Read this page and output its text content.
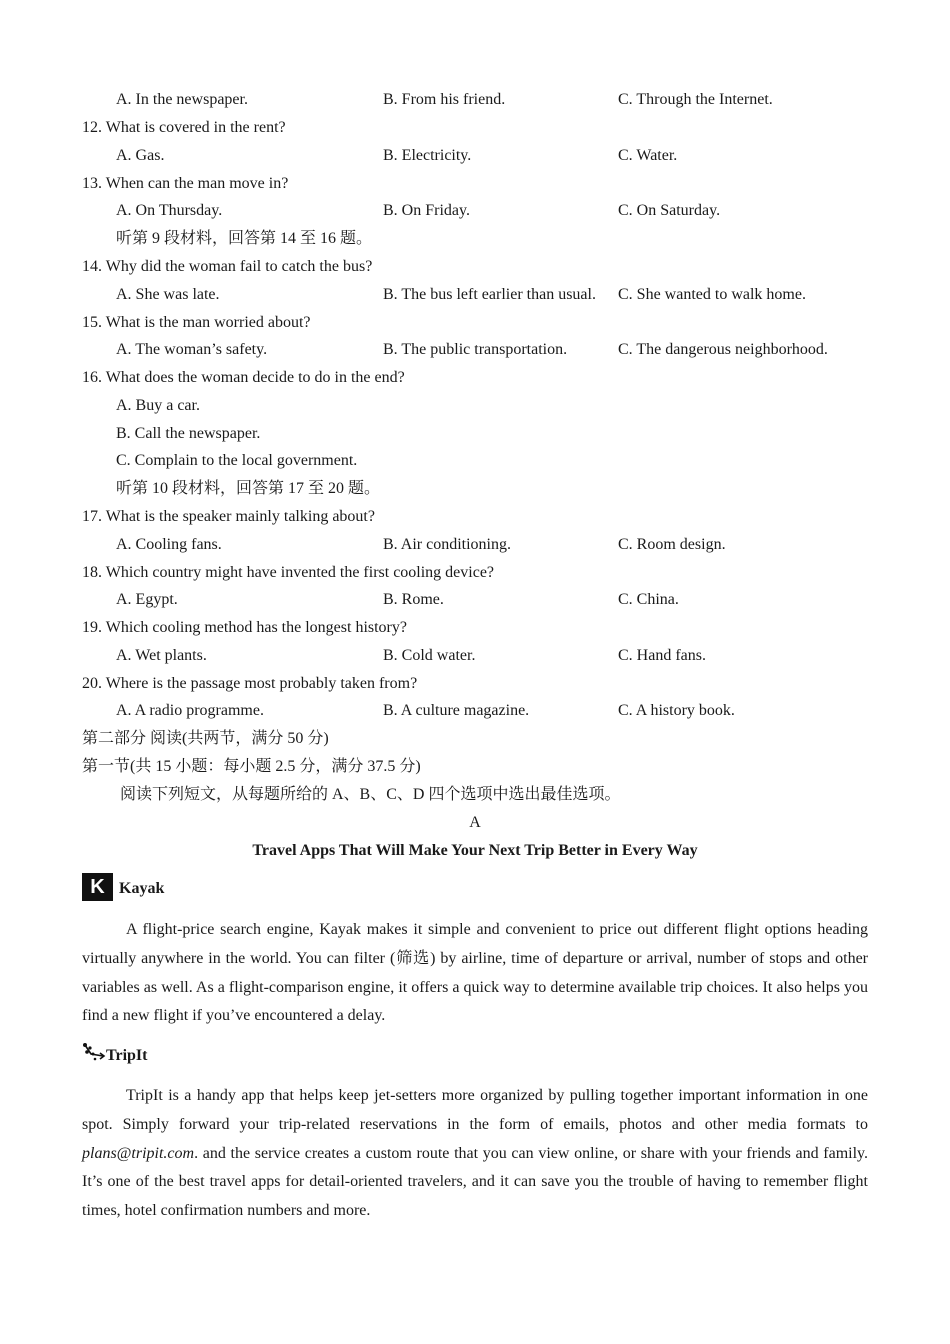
A. In the newspaper.	B. From his friend.	C. Through the Internet.
12. What is covered in the rent?
A. Gas.	B. Electricity.	C. Water.
13. When can the man move in?
A. On Thursday.	B. On Friday.	C. On Saturday.
听第 9 段材料，回答第 14 至 16 题。
14. Why did the woman fail to catch the bus?
A. She was late.	B. The bus left earlier than usual. C. She wanted to walk home.
15. What is the man worried about?
A. The woman’s safety.	B. The public transportation.	C. The dangerous neighborhood.
16. What does the woman decide to do in the end?
A. Buy a car.
B. Call the newspaper.
C. Complain to the local government.
听第 10 段材料，回答第 17 至 20 题。
17. What is the speaker mainly talking about?
A. Cooling fans.	B. Air conditioning.	C. Room design.
18. Which country might have invented the first cooling device?
A. Egypt.	B. Rome.	C. China.
19. Which cooling method has the longest history?
A. Wet plants.	B. Cold water.	C. Hand fans.
20. Where is the passage most probably taken from?
A. A radio programme.	B. A culture magazine.	C. A history book.
第二部分 阅读(共两节，满分 50 分)
第一节(共 15 小题：每小题 2.5 分，满分 37.5 分)
阅读下列短文，从每题所给的 A、B、C、D 四个选项中选出最佳选项。
A
Travel Apps That Will Make Your Next Trip Better in Every Way
K Kayak
A flight-price search engine, Kayak makes it simple and convenient to price out different flight options heading virtually anywhere in the world. You can filter (筛选) by airline, time of departure or arrival, number of stops and other variables as well. As a flight-comparison engine, it offers a quick way to determine available trip choices. It also helps you find a new flight if you’ve encountered a delay.
TripIt
TripIt is a handy app that helps keep jet-setters more organized by pulling together important information in one spot. Simply forward your trip-related reservations in the form of emails, photos and other media formats to plans@tripit.com. and the service creates a custom route that you can view online, or share with your friends and family. It’s one of the best travel apps for detail-oriented travelers, and it can save you the trouble of having to remember flight times, hotel confirmation numbers and more.
